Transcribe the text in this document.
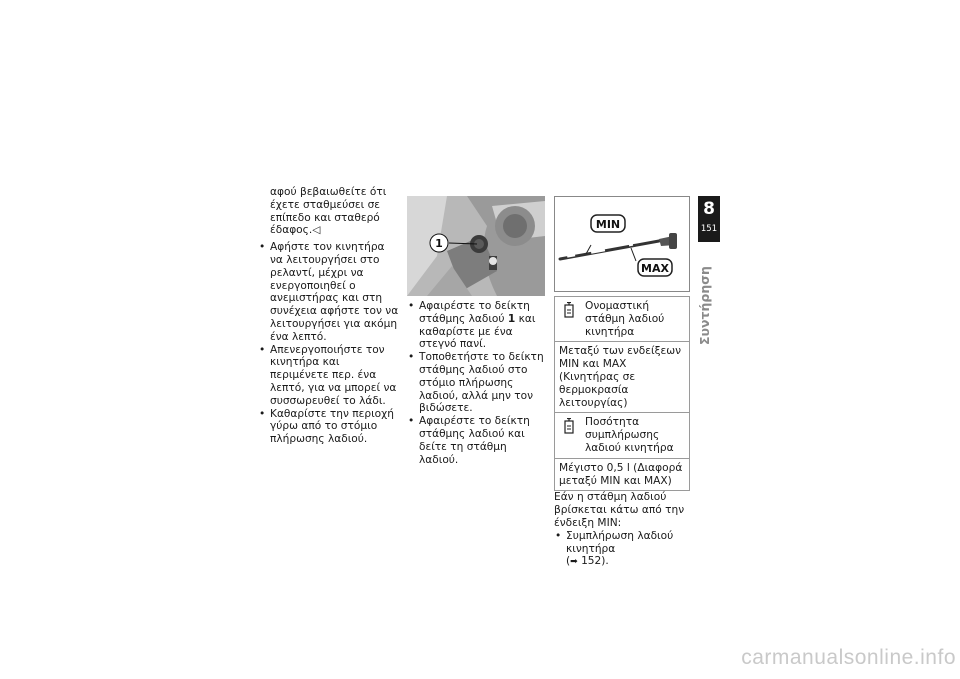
αφού βεβαιωθείτε ότι έχετε σταθμεύσει σε επίπεδο και σταθερό έδαφος.◁

• Αφήστε τον κινητήρα να λειτουργήσει στο ρελαντί, μέχρι να ενεργοποιηθεί ο ανεμιστήρας και στη συνέχεια αφήστε τον να λειτουργήσει για ακόμη ένα λεπτό.
• Απενεργοποιήστε τον κινητήρα και περιμένετε περ. ένα λεπτό, για να μπορεί να συσσωρευθεί το λάδι.
• Καθαρίστε την περιοχή γύρω από το στόμιο πλήρωσης λαδιού.
1
• Αφαιρέστε το δείκτη στάθμης λαδιού 1 και καθαρίστε με ένα στεγνό πανί.
• Τοποθετήστε το δείκτη στάθμης λαδιού στο στόμιο πλήρωσης λαδιού, αλλά μην τον βιδώσετε.
• Αφαιρέστε το δείκτη στάθμης λαδιού και δείτε τη στάθμη λαδιού.
MIN
MAX
Ονομαστική στάθμη λαδιού κινητήρα
Μεταξύ των ενδείξεων MIN και MAX (Κινητήρας σε θερμοκρασία λειτουργίας)
Ποσότητα συμπλήρωσης λαδιού κινητήρα
Μέγιστο 0,5 l (Διαφορά μεταξύ MIN και MAX)

Εάν η στάθμη λαδιού βρίσκεται κάτω από την ένδειξη MIN:

• Συμπλήρωση λαδιού κινητήρα
(➡ 152).
8
151
Συντήρηση
carmanualsonline.info
